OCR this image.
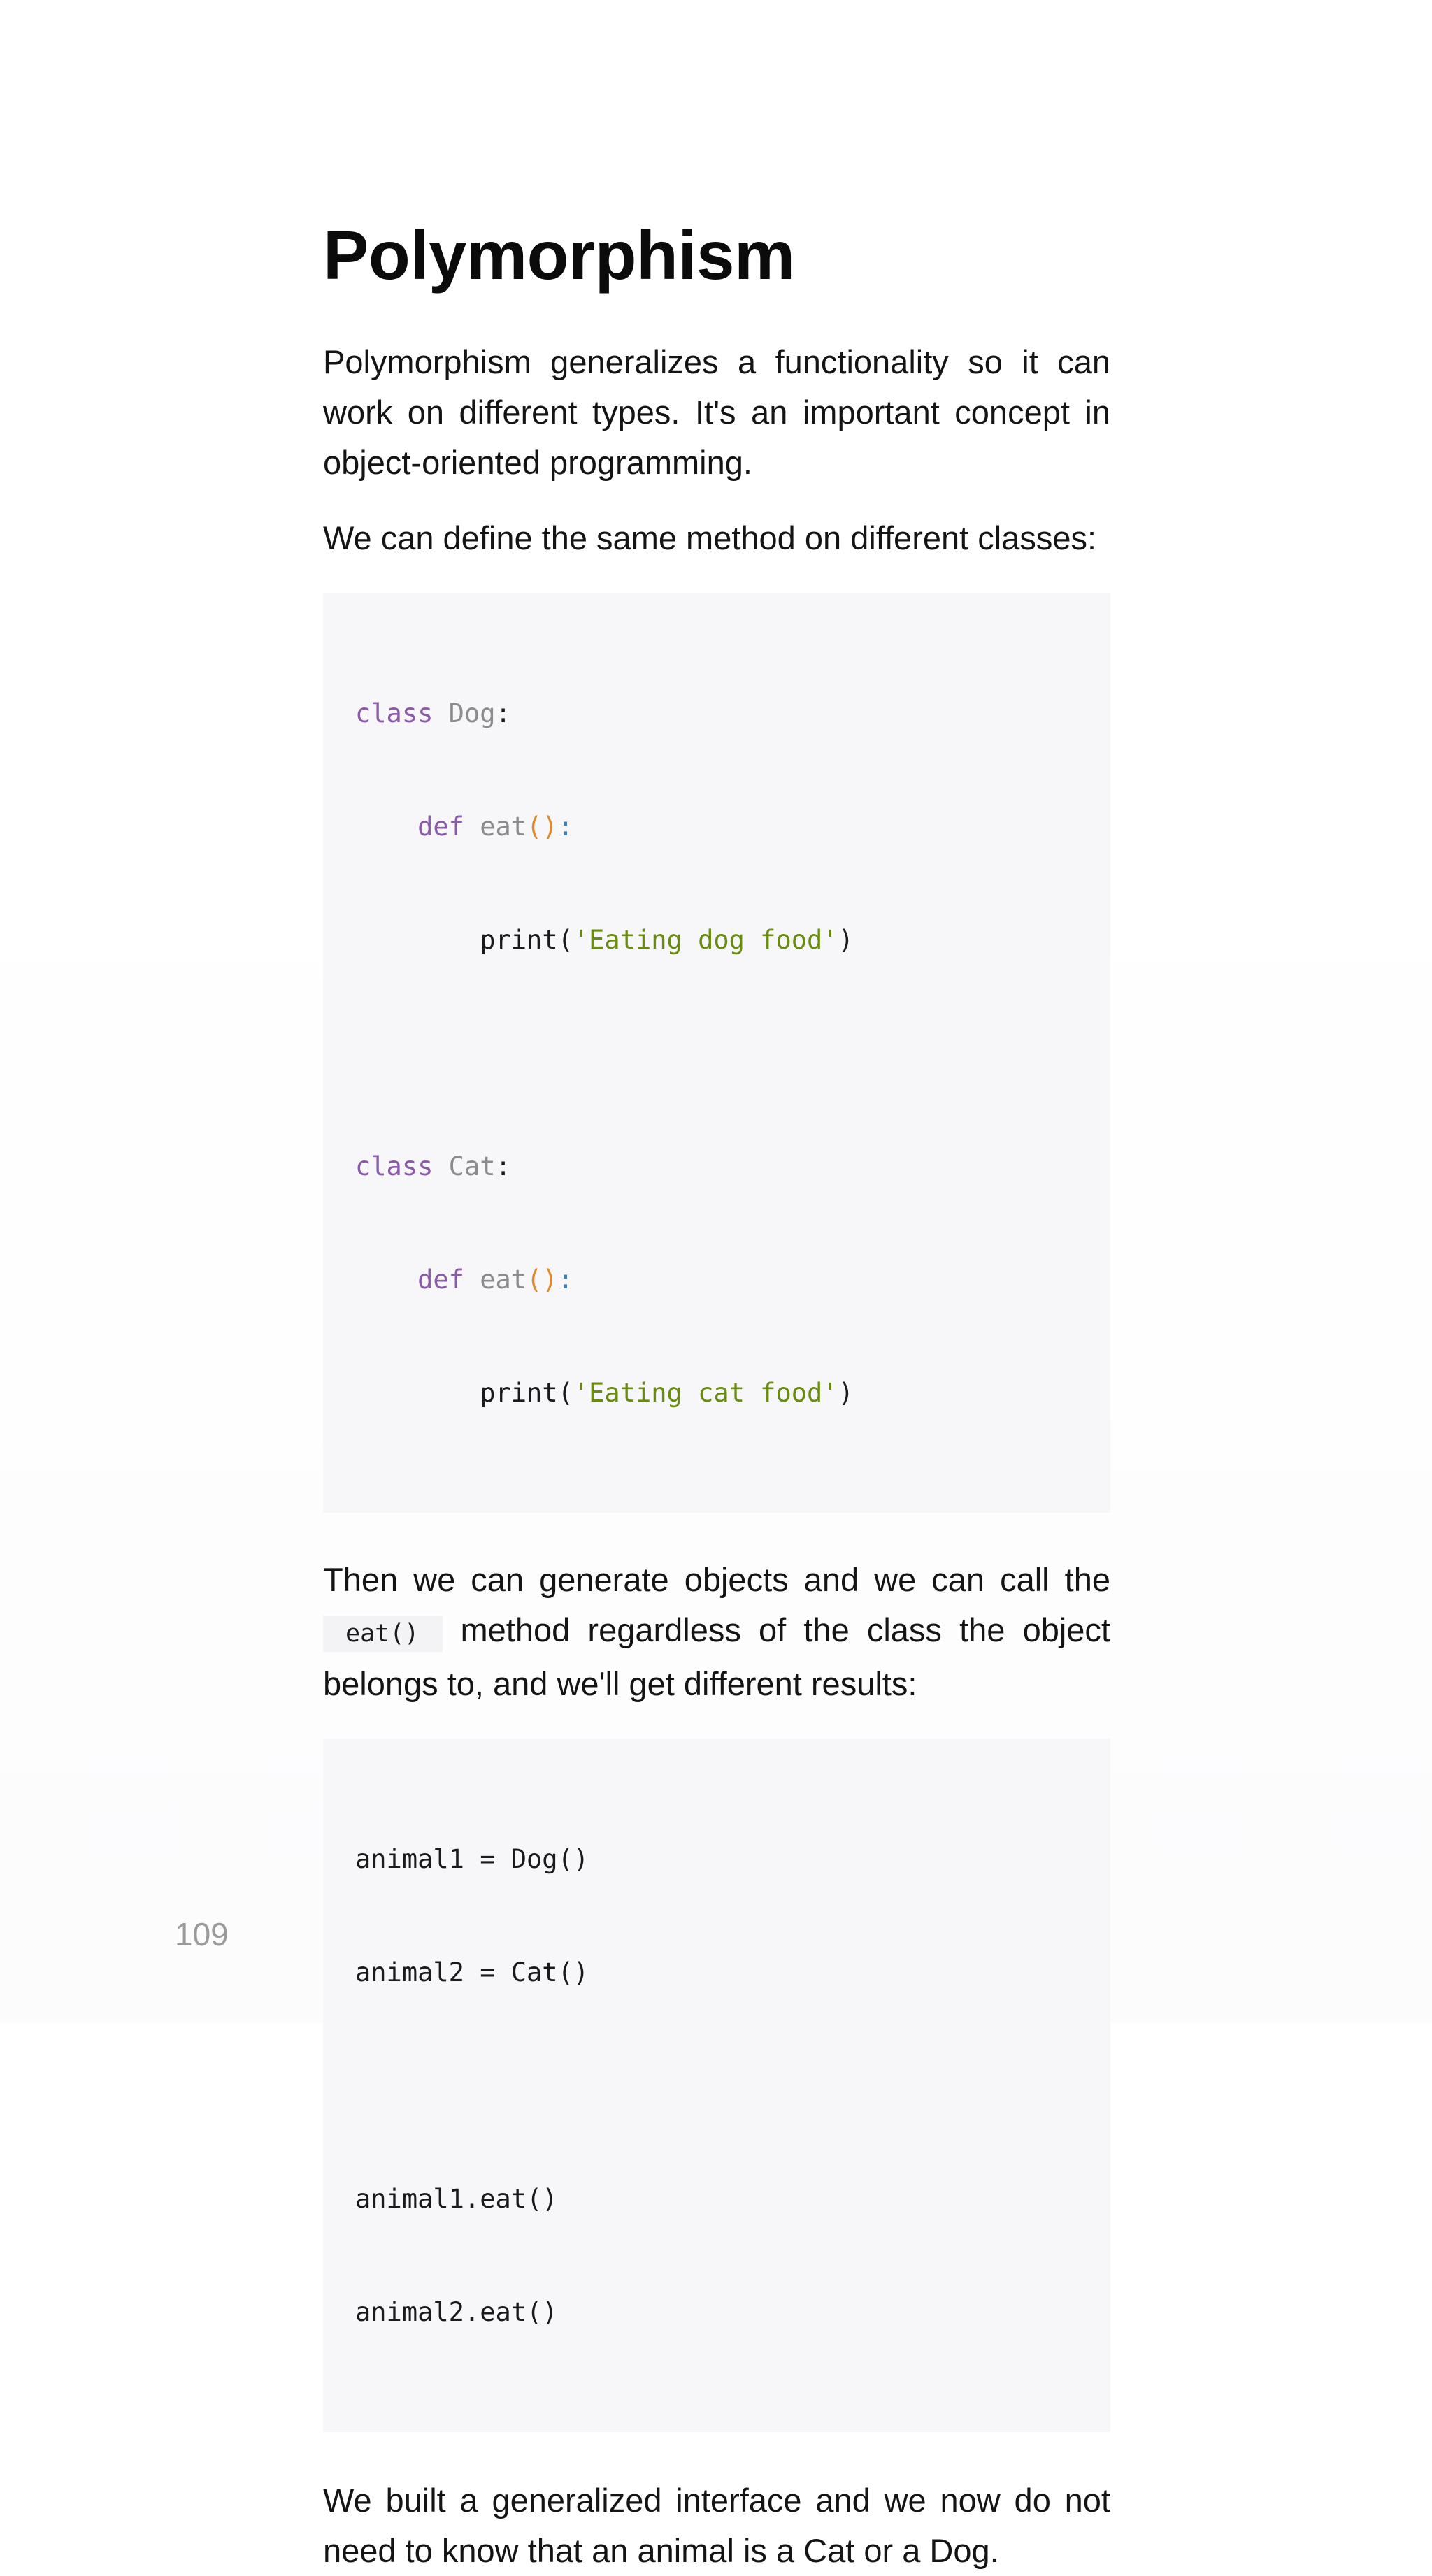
Polymorphism

Polymorphism generalizes a functionality so it can work on different types. It's an important concept in object-oriented programming.

We can define the same method on different classes:

class Dog:

def eat():

print('Eating dog food')

class Cat:

def eat():

print('Eating cat food')

Then we can generate objects and we can call the eat() method regardless of the class the object belongs to, and we'll get different results:

animal1 = Dog()

animal2 = Cat()

animal1.eat()

animal2.eat()

We built a generalized interface and we now do not need to know that an animal is a Cat or a Dog.

109
